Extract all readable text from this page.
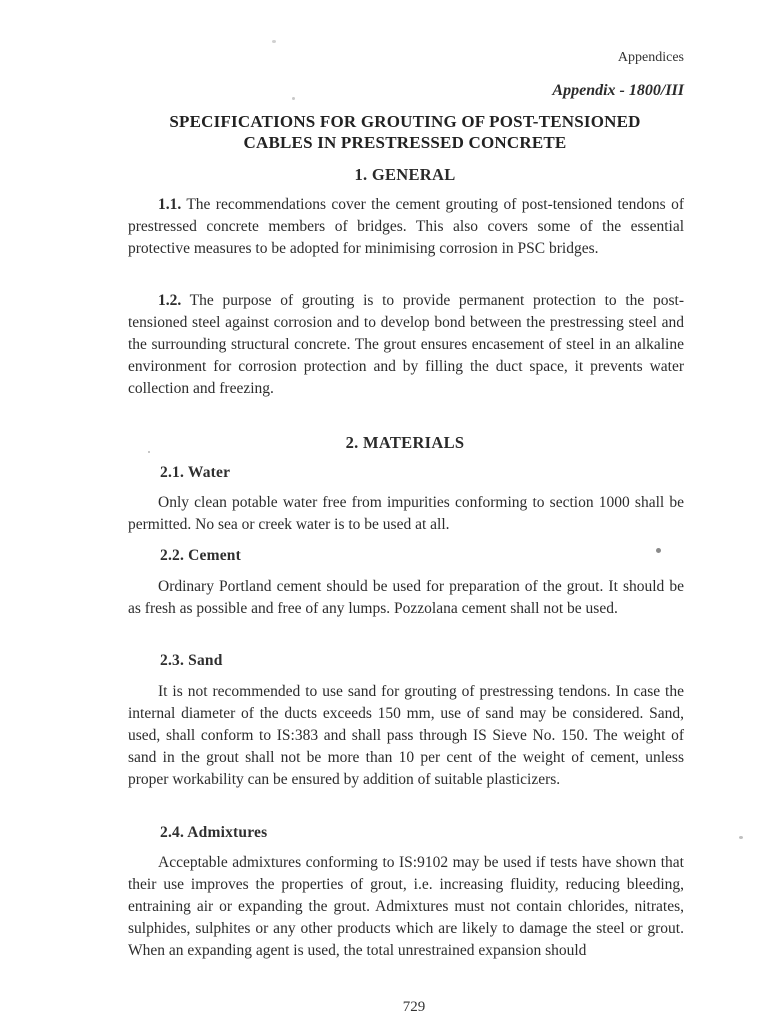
Appendices
Appendix - 1800/III
SPECIFICATIONS FOR GROUTING OF POST-TENSIONED
CABLES IN PRESTRESSED CONCRETE
1. GENERAL
1.1. The recommendations cover the cement grouting of post-tensioned tendons of prestressed concrete members of bridges. This also covers some of the essential protective measures to be adopted for minimising corrosion in PSC bridges.
1.2. The purpose of grouting is to provide permanent protection to the post-tensioned steel against corrosion and to develop bond between the prestressing steel and the surrounding structural concrete. The grout ensures encasement of steel in an alkaline environment for corrosion protection and by filling the duct space, it prevents water collection and freezing.
2. MATERIALS
2.1. Water
Only clean potable water free from impurities conforming to section 1000 shall be permitted. No sea or creek water is to be used at all.
2.2. Cement
Ordinary Portland cement should be used for preparation of the grout. It should be as fresh as possible and free of any lumps. Pozzolana cement shall not be used.
2.3. Sand
It is not recommended to use sand for grouting of prestressing tendons. In case the internal diameter of the ducts exceeds 150 mm, use of sand may be considered. Sand, used, shall conform to IS:383 and shall pass through IS Sieve No. 150. The weight of sand in the grout shall not be more than 10 per cent of the weight of cement, unless proper workability can be ensured by addition of suitable plasticizers.
2.4. Admixtures
Acceptable admixtures conforming to IS:9102 may be used if tests have shown that their use improves the properties of grout, i.e. increasing fluidity, reducing bleeding, entraining air or expanding the grout. Admixtures must not contain chlorides, nitrates, sulphides, sulphites or any other products which are likely to damage the steel or grout. When an expanding agent is used, the total unrestrained expansion should
729
